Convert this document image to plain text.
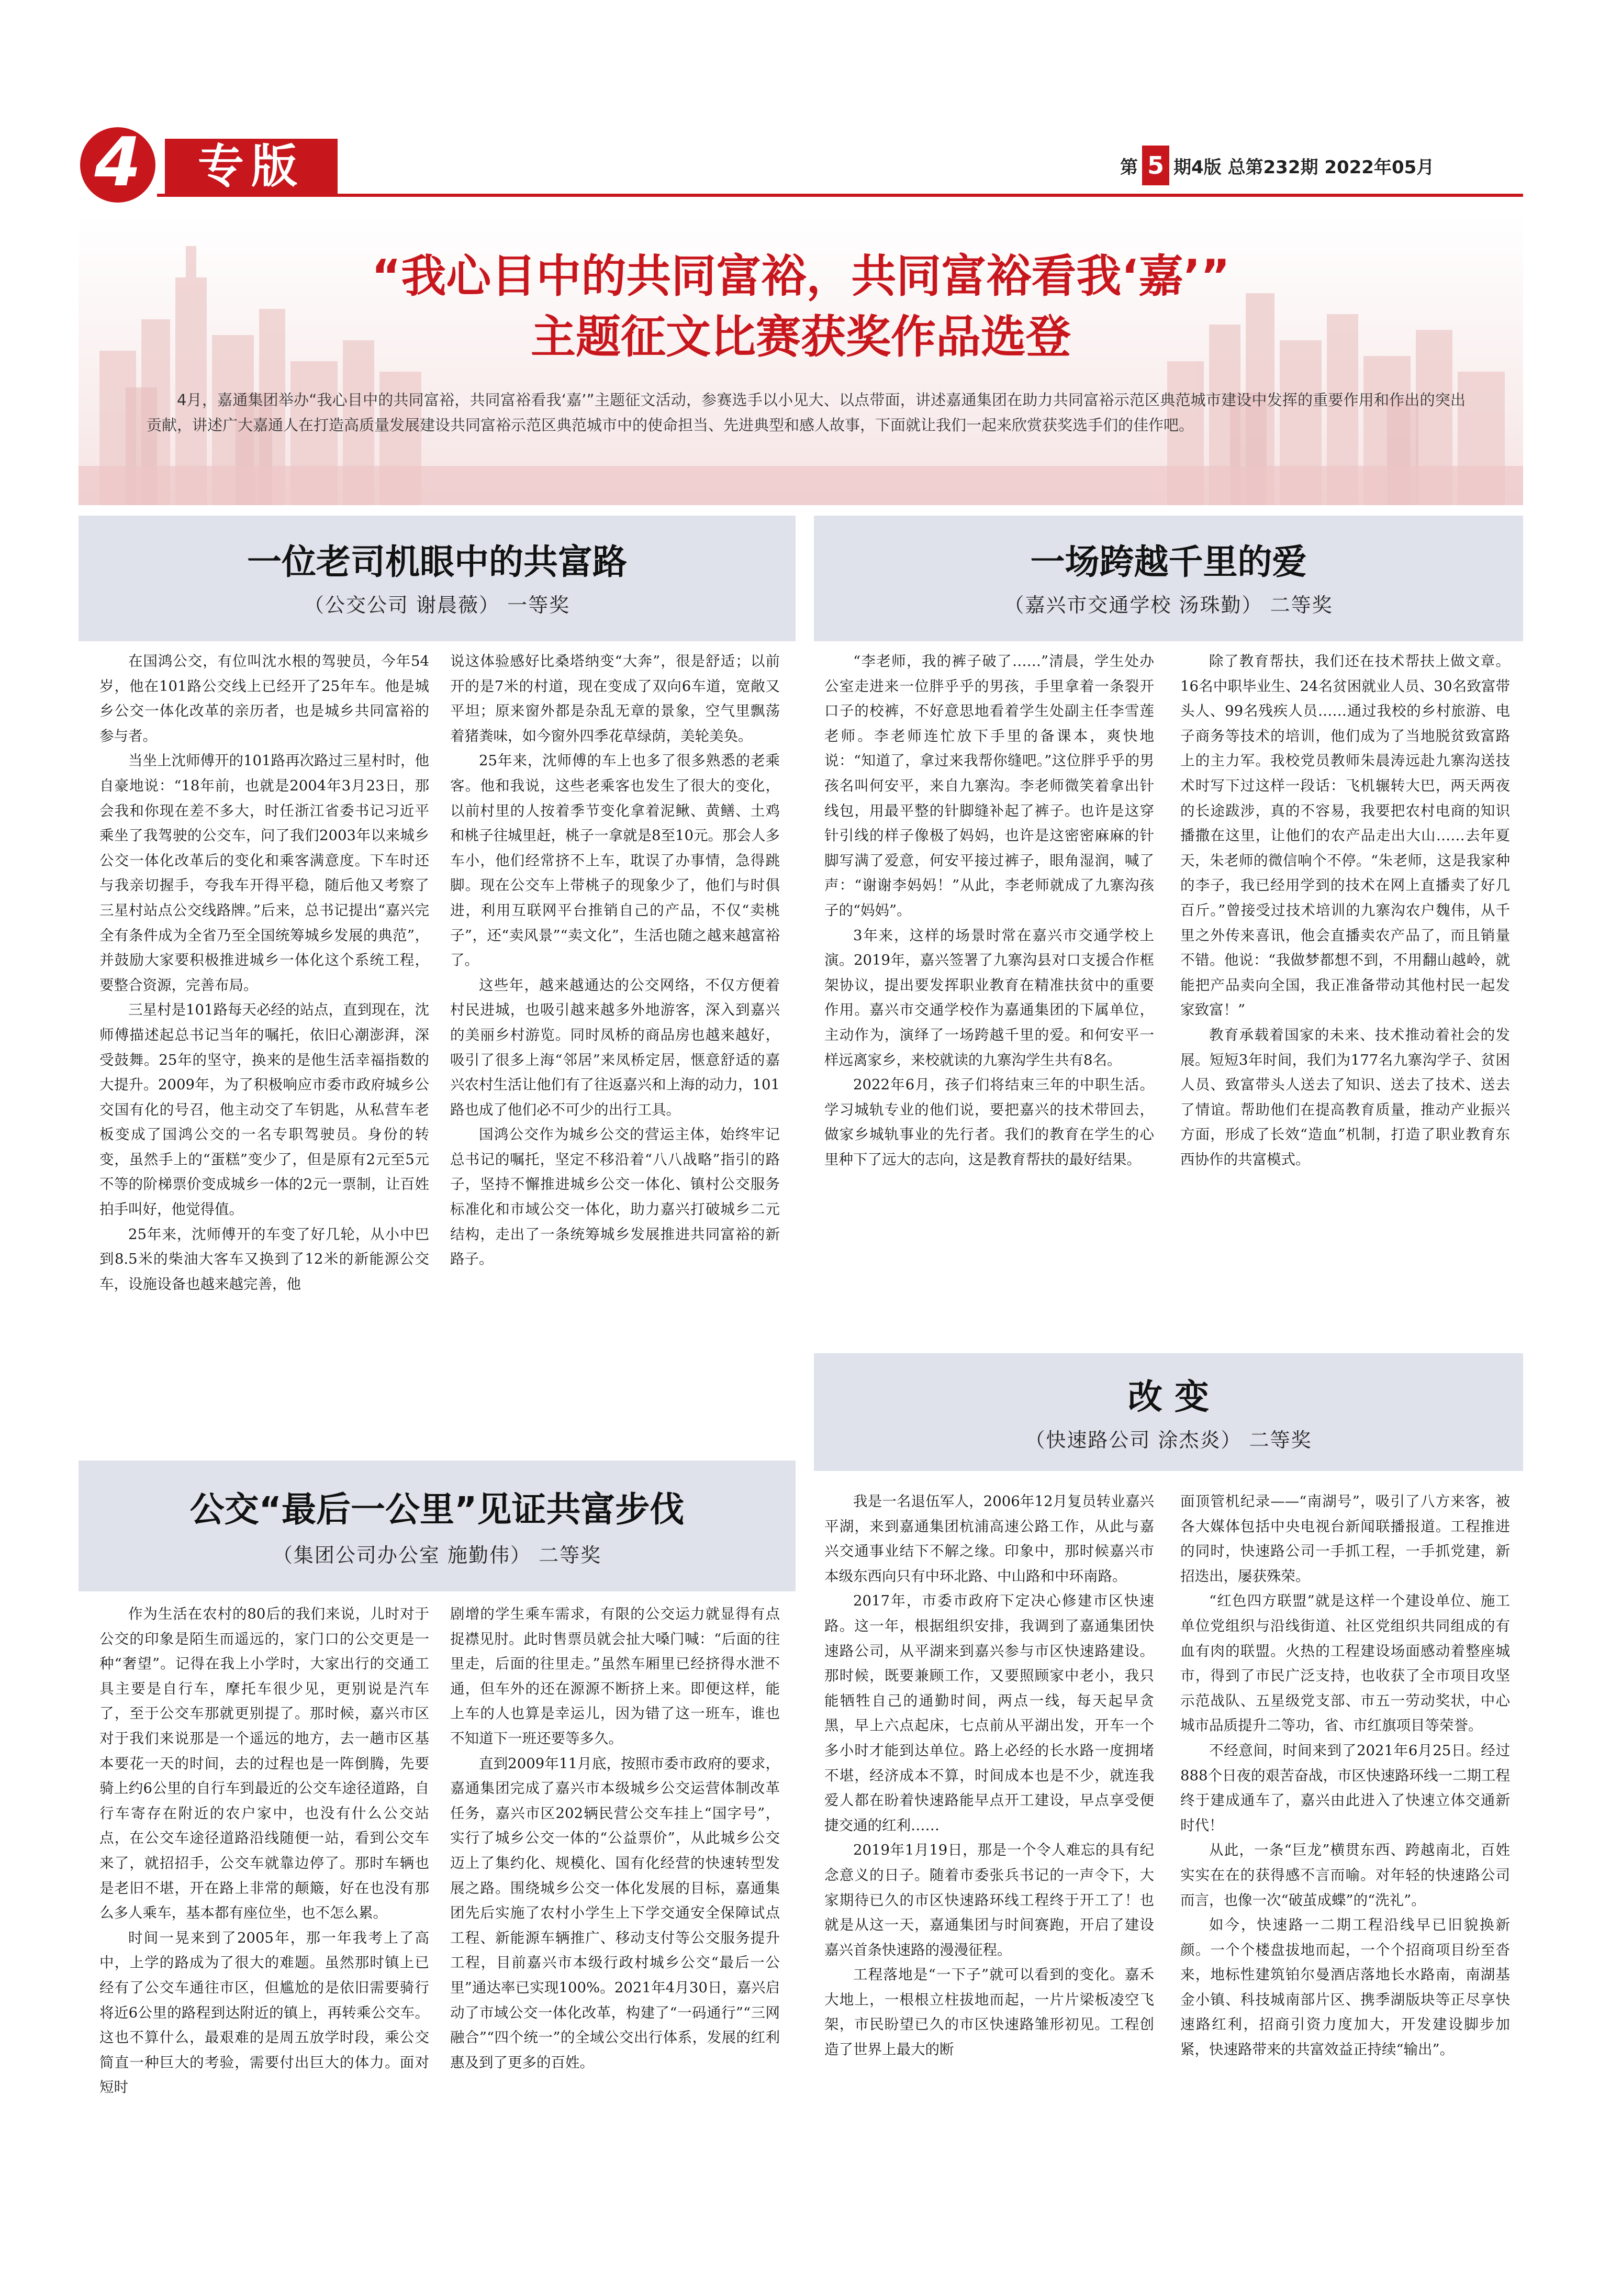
4	专版	第 5 期4版 总第232期 2022年05月
“我心目中的共同富裕，共同富裕看我‘嘉’”
主题征文比赛获奖作品选登
4月，嘉通集团举办“我心目中的共同富裕，共同富裕看我‘嘉’”主题征文活动，参赛选手以小见大、以点带面，讲述嘉通集团在助力共同富裕示范区典范城市建设中发挥的重要作用和作出的突出贡献，讲述广大嘉通人在打造高质量发展建设共同富裕示范区典范城市中的使命担当、先进典型和感人故事，下面就让我们一起来欣赏获奖选手们的佳作吧。
一位老司机眼中的共富路
（公交公司 谢晨薇） 一等奖

在国鸿公交，有位叫沈水根的驾驶员，今年54岁，他在101路公交线上已经开了25年车。他是城乡公交一体化改革的亲历者，也是城乡共同富裕的参与者。

当坐上沈师傅开的101路再次路过三星村时，他自豪地说：“18年前，也就是2004年3月23日，那会我和你现在差不多大，时任浙江省委书记习近平乘坐了我驾驶的公交车，问了我们2003年以来城乡公交一体化改革后的变化和乘客满意度。下车时还与我亲切握手，夸我车开得平稳，随后他又考察了三星村站点公交线路牌。”后来，总书记提出“嘉兴完全有条件成为全省乃至全国统筹城乡发展的典范”，并鼓励大家要积极推进城乡一体化这个系统工程，要整合资源，完善布局。

三星村是101路每天必经的站点，直到现在，沈师傅描述起总书记当年的嘱托，依旧心潮澎湃，深受鼓舞。25年的坚守，换来的是他生活幸福指数的大提升。2009年，为了积极响应市委市政府城乡公交国有化的号召，他主动交了车钥匙，从私营车老板变成了国鸿公交的一名专职驾驶员。身份的转变，虽然手上的“蛋糕”变少了，但是原有2元至5元不等的阶梯票价变成城乡一体的2元一票制，让百姓拍手叫好，他觉得值。

25年来，沈师傅开的车变了好几轮，从小中巴到8.5米的柴油大客车又换到了12米的新能源公交车，设施设备也越来越完善，他

说这体验感好比桑塔纳变“大奔”，很是舒适；以前开的是7米的村道，现在变成了双向6车道，宽敞又平坦；原来窗外都是杂乱无章的景象，空气里飘荡着猪粪味，如今窗外四季花草绿荫，美轮美奂。

25年来，沈师傅的车上也多了很多熟悉的老乘客。他和我说，这些老乘客也发生了很大的变化，以前村里的人按着季节变化拿着泥鳅、黄鳝、土鸡和桃子往城里赶，桃子一拿就是8至10元。那会人多车小，他们经常挤不上车，耽误了办事情，急得跳脚。现在公交车上带桃子的现象少了，他们与时俱进，利用互联网平台推销自己的产品，不仅“卖桃子”，还“卖风景”“卖文化”，生活也随之越来越富裕了。

这些年，越来越通达的公交网络，不仅方便着村民进城，也吸引越来越多外地游客，深入到嘉兴的美丽乡村游览。同时凤桥的商品房也越来越好，吸引了很多上海“邻居”来凤桥定居，惬意舒适的嘉兴农村生活让他们有了往返嘉兴和上海的动力，101路也成了他们必不可少的出行工具。

国鸿公交作为城乡公交的营运主体，始终牢记总书记的嘱托，坚定不移沿着“八八战略”指引的路子，坚持不懈推进城乡公交一体化、镇村公交服务标准化和市域公交一体化，助力嘉兴打破城乡二元结构，走出了一条统筹城乡发展推进共同富裕的新路子。

一场跨越千里的爱
（嘉兴市交通学校 汤珠勤） 二等奖

“李老师，我的裤子破了……”清晨，学生处办公室走进来一位胖乎乎的男孩，手里拿着一条裂开口子的校裤，不好意思地看着学生处副主任李雪莲老师。李老师连忙放下手里的备课本，爽快地说：“知道了，拿过来我帮你缝吧。”这位胖乎乎的男孩名叫何安平，来自九寨沟。李老师微笑着拿出针线包，用最平整的针脚缝补起了裤子。也许是这穿针引线的样子像极了妈妈，也许是这密密麻麻的针脚写满了爱意，何安平接过裤子，眼角湿润，喊了声：“谢谢李妈妈！”从此，李老师就成了九寨沟孩子的“妈妈”。

3年来，这样的场景时常在嘉兴市交通学校上演。2019年，嘉兴签署了九寨沟县对口支援合作框架协议，提出要发挥职业教育在精准扶贫中的重要作用。嘉兴市交通学校作为嘉通集团的下属单位，主动作为，演绎了一场跨越千里的爱。和何安平一样远离家乡，来校就读的九寨沟学生共有8名。

2022年6月，孩子们将结束三年的中职生活。学习城轨专业的他们说，要把嘉兴的技术带回去，做家乡城轨事业的先行者。我们的教育在学生的心里种下了远大的志向，这是教育帮扶的最好结果。

除了教育帮扶，我们还在技术帮扶上做文章。16名中职毕业生、24名贫困就业人员、30名致富带头人、99名残疾人员……通过我校的乡村旅游、电子商务等技术的培训，他们成为了当地脱贫致富路上的主力军。我校党员教师朱晨涛远赴九寨沟送技术时写下过这样一段话：飞机辗转大巴，两天两夜的长途跋涉，真的不容易，我要把农村电商的知识播撒在这里，让他们的农产品走出大山……去年夏天，朱老师的微信响个不停。“朱老师，这是我家种的李子，我已经用学到的技术在网上直播卖了好几百斤。”曾接受过技术培训的九寨沟农户魏伟，从千里之外传来喜讯，他会直播卖农产品了，而且销量不错。他说：“我做梦都想不到，不用翻山越岭，就能把产品卖向全国，我正准备带动其他村民一起发家致富！”

教育承载着国家的未来、技术推动着社会的发展。短短3年时间，我们为177名九寨沟学子、贫困人员、致富带头人送去了知识、送去了技术、送去了情谊。帮助他们在提高教育质量，推动产业振兴方面，形成了长效“造血”机制，打造了职业教育东西协作的共富模式。

改 变
（快速路公司 涂杰炎） 二等奖

我是一名退伍军人，2006年12月复员转业嘉兴平湖，来到嘉通集团杭浦高速公路工作，从此与嘉兴交通事业结下不解之缘。印象中，那时候嘉兴市本级东西向只有中环北路、中山路和中环南路。

2017年，市委市政府下定决心修建市区快速路。这一年，根据组织安排，我调到了嘉通集团快速路公司，从平湖来到嘉兴参与市区快速路建设。那时候，既要兼顾工作，又要照顾家中老小，我只能牺牲自己的通勤时间，两点一线，每天起早贪黑，早上六点起床，七点前从平湖出发，开车一个多小时才能到达单位。路上必经的长水路一度拥堵不堪，经济成本不算，时间成本也是不少，就连我爱人都在盼着快速路能早点开工建设，早点享受便捷交通的红利……

2019年1月19日，那是一个令人难忘的具有纪念意义的日子。随着市委张兵书记的一声令下，大家期待已久的市区快速路环线工程终于开工了！也就是从这一天，嘉通集团与时间赛跑，开启了建设嘉兴首条快速路的漫漫征程。

工程落地是“一下子”就可以看到的变化。嘉禾大地上，一根根立柱拔地而起，一片片梁板凌空飞架，市民盼望已久的市区快速路雏形初见。工程创造了世界上最大的断

面顶管机纪录——“南湖号”，吸引了八方来客，被各大媒体包括中央电视台新闻联播报道。工程推进的同时，快速路公司一手抓工程，一手抓党建，新招迭出，屡获殊荣。

“红色四方联盟”就是这样一个建设单位、施工单位党组织与沿线街道、社区党组织共同组成的有血有肉的联盟。火热的工程建设场面感动着整座城市，得到了市民广泛支持，也收获了全市项目攻坚示范战队、五星级党支部、市五一劳动奖状，中心城市品质提升二等功，省、市红旗项目等荣誉。

不经意间，时间来到了2021年6月25日。经过888个日夜的艰苦奋战，市区快速路环线一二期工程终于建成通车了，嘉兴由此进入了快速立体交通新时代！

从此，一条“巨龙”横贯东西、跨越南北，百姓实实在在的获得感不言而喻。对年轻的快速路公司而言，也像一次“破茧成蝶”的“洗礼”。

如今，快速路一二期工程沿线早已旧貌换新颜。一个个楼盘拔地而起，一个个招商项目纷至沓来，地标性建筑铂尔曼酒店落地长水路南，南湖基金小镇、科技城南部片区、携季湖版块等正尽享快速路红利，招商引资力度加大，开发建设脚步加紧，快速路带来的共富效益正持续“输出”。

公交“最后一公里”见证共富步伐
（集团公司办公室 施勤伟） 二等奖

作为生活在农村的80后的我们来说，儿时对于公交的印象是陌生而遥远的，家门口的公交更是一种“奢望”。记得在我上小学时，大家出行的交通工具主要是自行车，摩托车很少见，更别说是汽车了，至于公交车那就更别提了。那时候，嘉兴市区对于我们来说那是一个遥远的地方，去一趟市区基本要花一天的时间，去的过程也是一阵倒腾，先要骑上约6公里的自行车到最近的公交车途径道路，自行车寄存在附近的农户家中，也没有什么公交站点，在公交车途径道路沿线随便一站，看到公交车来了，就招招手，公交车就靠边停了。那时车辆也是老旧不堪，开在路上非常的颠簸，好在也没有那么多人乘车，基本都有座位坐，也不怎么累。

时间一晃来到了2005年，那一年我考上了高中，上学的路成为了很大的难题。虽然那时镇上已经有了公交车通往市区，但尴尬的是依旧需要骑行将近6公里的路程到达附近的镇上，再转乘公交车。这也不算什么，最艰难的是周五放学时段，乘公交简直一种巨大的考验，需要付出巨大的体力。面对短时

剧增的学生乘车需求，有限的公交运力就显得有点捉襟见肘。此时售票员就会扯大嗓门喊：“后面的往里走，后面的往里走。”虽然车厢里已经挤得水泄不通，但车外的还在源源不断挤上来。即便这样，能上车的人也算是幸运儿，因为错了这一班车，谁也不知道下一班还要等多久。

直到2009年11月底，按照市委市政府的要求，嘉通集团完成了嘉兴市本级城乡公交运营体制改革任务，嘉兴市区202辆民营公交车挂上“国字号”，实行了城乡公交一体的“公益票价”，从此城乡公交迈上了集约化、规模化、国有化经营的快速转型发展之路。围绕城乡公交一体化发展的目标，嘉通集团先后实施了农村小学生上下学交通安全保障试点工程、新能源车辆推广、移动支付等公交服务提升工程，目前嘉兴市本级行政村城乡公交“最后一公里”通达率已实现100%。2021年4月30日，嘉兴启动了市域公交一体化改革，构建了“一码通行”“三网融合”“四个统一”的全域公交出行体系，发展的红利惠及到了更多的百姓。
